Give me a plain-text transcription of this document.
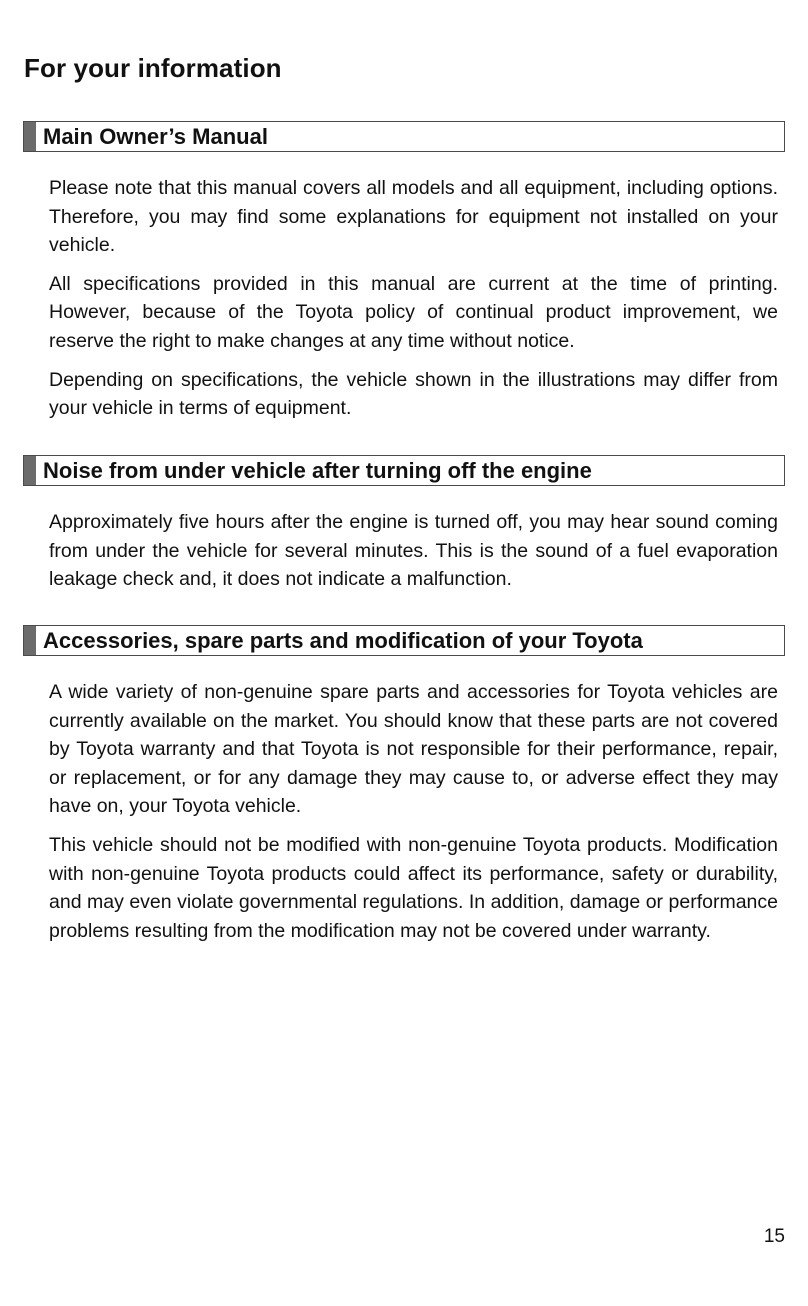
For your information
Main Owner’s Manual

Please note that this manual covers all models and all equipment, including options. Therefore, you may find some explanations for equipment not installed on your vehicle.

All specifications provided in this manual are current at the time of printing. However, because of the Toyota policy of continual product improvement, we reserve the right to make changes at any time without notice.

Depending on specifications, the vehicle shown in the illustrations may differ from your vehicle in terms of equipment.

Noise from under vehicle after turning off the engine

Approximately five hours after the engine is turned off, you may hear sound coming from under the vehicle for several minutes. This is the sound of a fuel evaporation leakage check and, it does not indicate a malfunction.

Accessories, spare parts and modification of your Toyota

A wide variety of non-genuine spare parts and accessories for Toyota vehicles are currently available on the market. You should know that these parts are not covered by Toyota warranty and that Toyota is not responsible for their performance, repair, or replacement, or for any damage they may cause to, or adverse effect they may have on, your Toyota vehicle.

This vehicle should not be modified with non-genuine Toyota products. Modification with non-genuine Toyota products could affect its performance, safety or durability, and may even violate governmental regulations. In addition, damage or performance problems resulting from the modification may not be covered under warranty.

15
